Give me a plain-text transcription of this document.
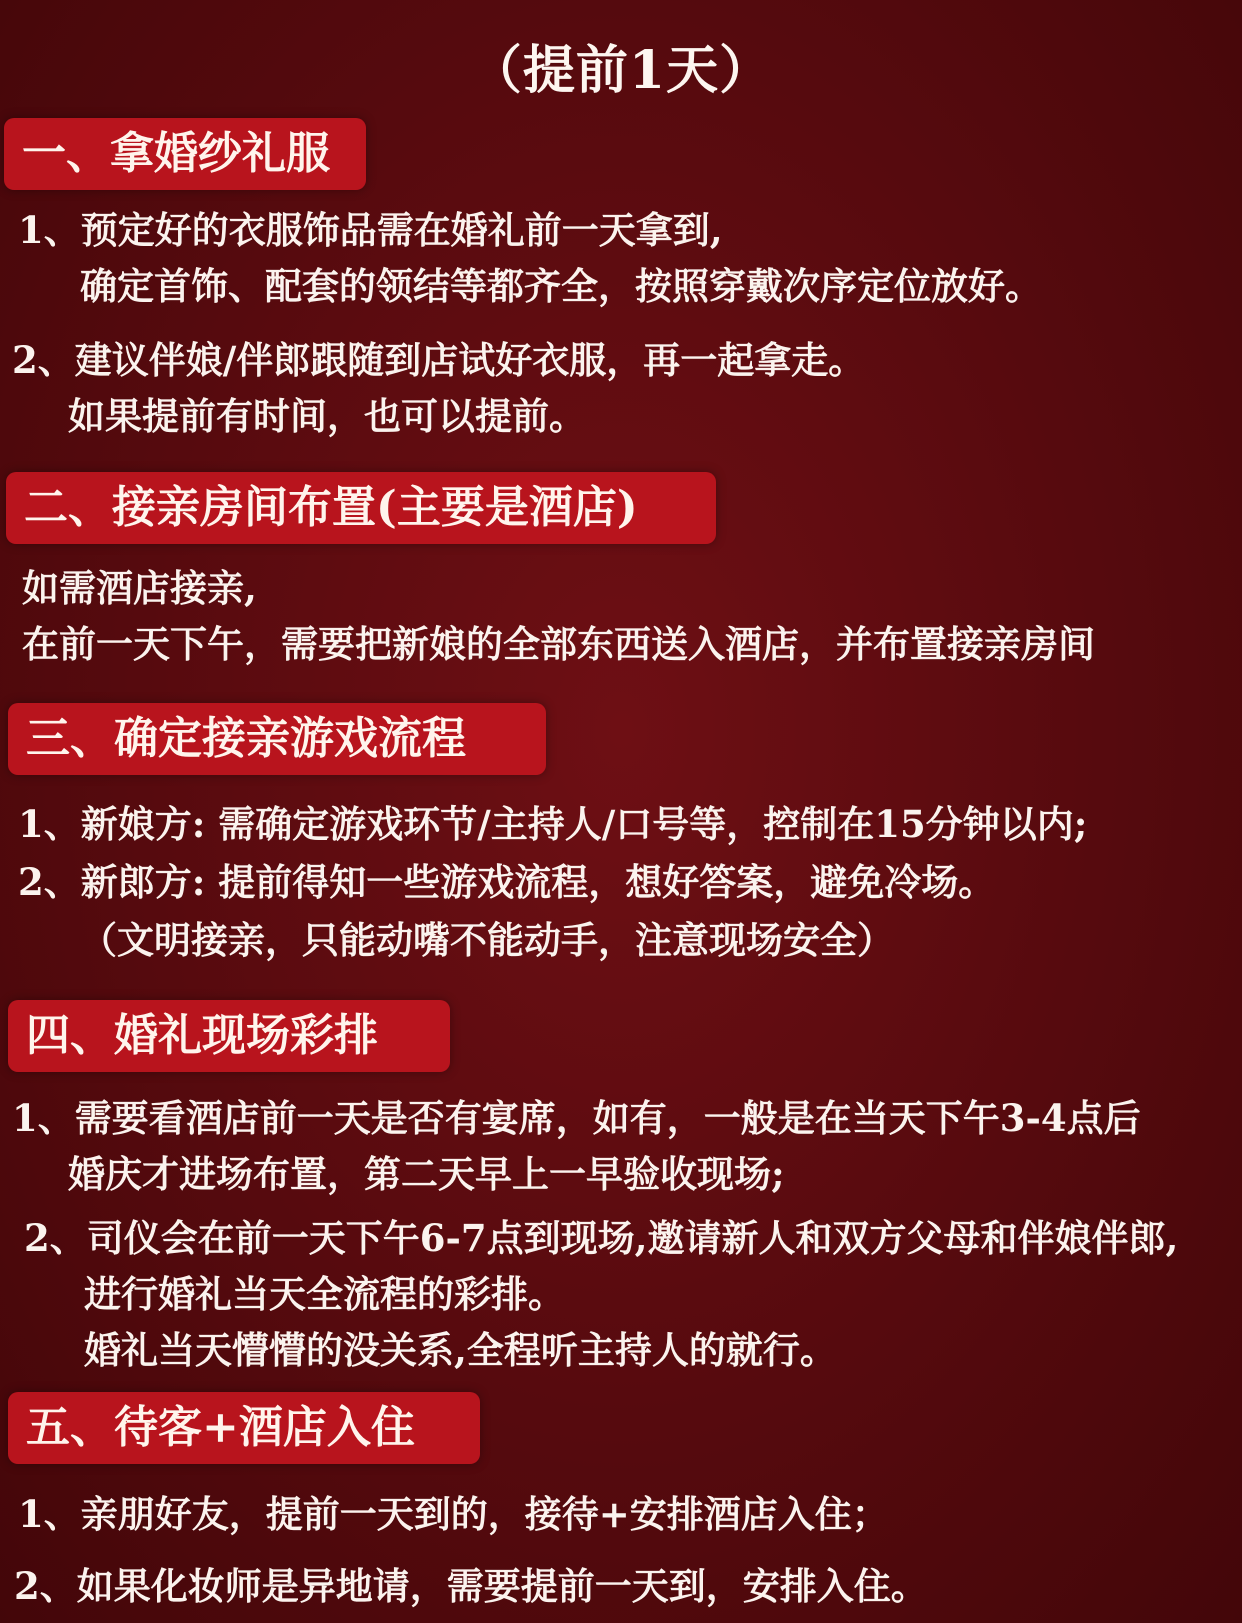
（提前1天）
一、拿婚纱礼服
1、预定好的衣服饰品需在婚礼前一天拿到,
确定首饰、配套的领结等都齐全，按照穿戴次序定位放好。
2、建议伴娘/伴郎跟随到店试好衣服，再一起拿走。
如果提前有时间，也可以提前。
二、接亲房间布置(主要是酒店)
如需酒店接亲,
在前一天下午，需要把新娘的全部东西送入酒店，并布置接亲房间
三、确定接亲游戏流程
1、新娘方: 需确定游戏环节/主持人/口号等，控制在15分钟以内;
2、新郎方: 提前得知一些游戏流程，想好答案，避免冷场。
（文明接亲，只能动嘴不能动手，注意现场安全）
四、婚礼现场彩排
1、需要看酒店前一天是否有宴席，如有，一般是在当天下午3-4点后
婚庆才进场布置，第二天早上一早验收现场;
2、司仪会在前一天下午6-7点到现场,邀请新人和双方父母和伴娘伴郎,
进行婚礼当天全流程的彩排。
婚礼当天懵懵的没关系,全程听主持人的就行。
五、待客+酒店入住
1、亲朋好友，提前一天到的，接待+安排酒店入住；
2、如果化妆师是异地请，需要提前一天到，安排入住。
